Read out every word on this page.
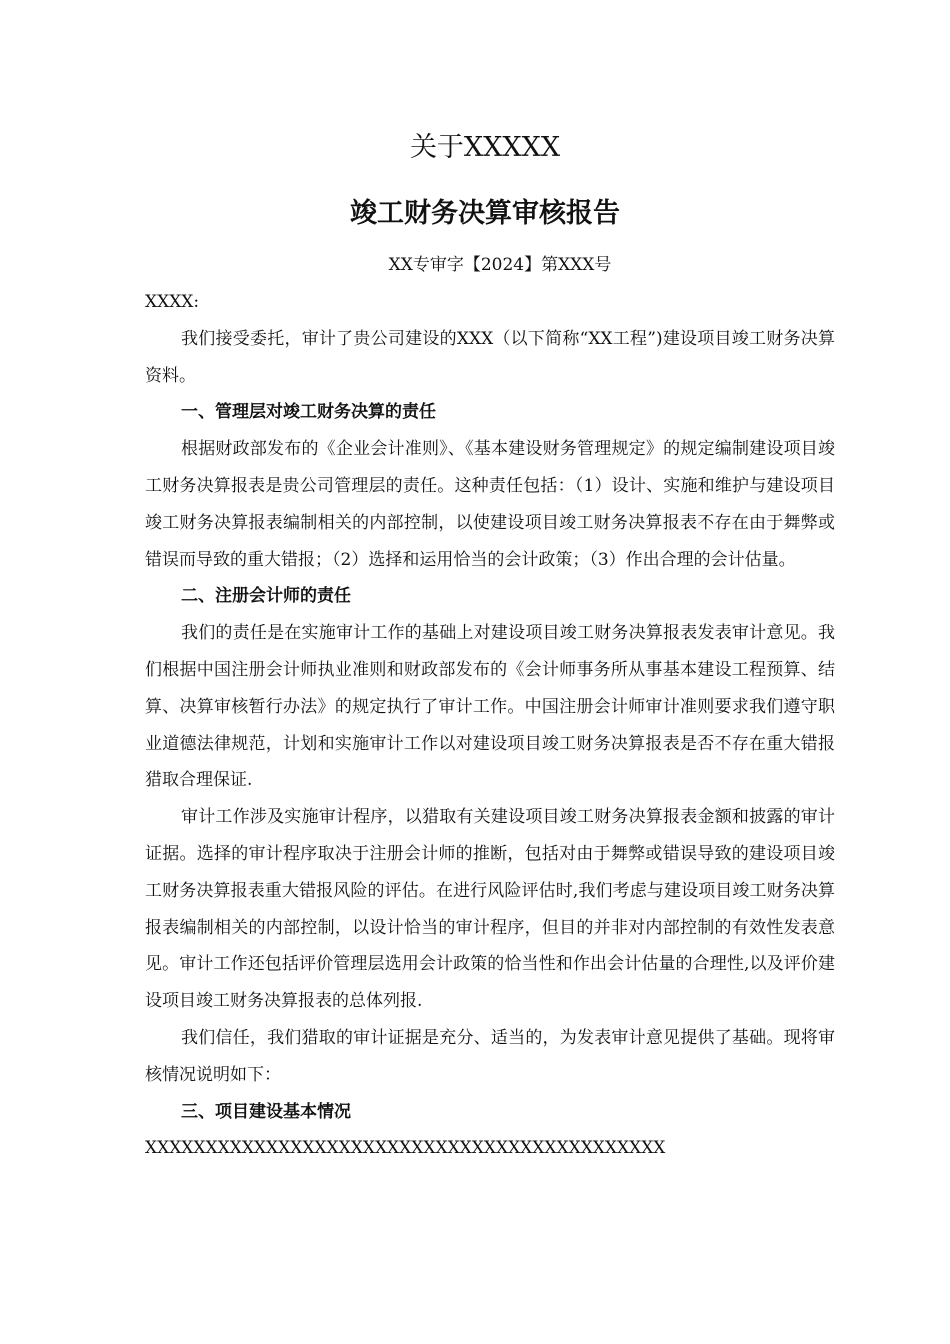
关于XXXXX
竣工财务决算审核报告
XX专审字【2024】第XXX号

XXXX:

我们接受委托，审计了贵公司建设的XXX（以下简称“XX工程”)建设项目竣工财务决算资料。

一、管理层对竣工财务决算的责任

根据财政部发布的《企业会计准则》、《基本建设财务管理规定》的规定编制建设项目竣工财务决算报表是贵公司管理层的责任。这种责任包括：（1）设计、实施和维护与建设项目竣工财务决算报表编制相关的内部控制，以使建设项目竣工财务决算报表不存在由于舞弊或错误而导致的重大错报；（2）选择和运用恰当的会计政策；（3）作出合理的会计估量。

二、注册会计师的责任

我们的责任是在实施审计工作的基础上对建设项目竣工财务决算报表发表审计意见。我们根据中国注册会计师执业准则和财政部发布的《会计师事务所从事基本建设工程预算、结算、决算审核暂行办法》的规定执行了审计工作。中国注册会计师审计准则要求我们遵守职业道德法律规范，计划和实施审计工作以对建设项目竣工财务决算报表是否不存在重大错报猎取合理保证.

审计工作涉及实施审计程序，以猎取有关建设项目竣工财务决算报表金额和披露的审计证据。选择的审计程序取决于注册会计师的推断，包括对由于舞弊或错误导致的建设项目竣工财务决算报表重大错报风险的评估。在进行风险评估时,我们考虑与建设项目竣工财务决算报表编制相关的内部控制，以设计恰当的审计程序，但目的并非对内部控制的有效性发表意见。审计工作还包括评价管理层选用会计政策的恰当性和作出会计估量的合理性,以及评价建设项目竣工财务决算报表的总体列报.

我们信任，我们猎取的审计证据是充分、适当的，为发表审计意见提供了基础。现将审核情况说明如下：

三、项目建设基本情况

XXXXXXXXXXXXXXXXXXXXXXXXXXXXXXXXXXXXXXXXXXX
